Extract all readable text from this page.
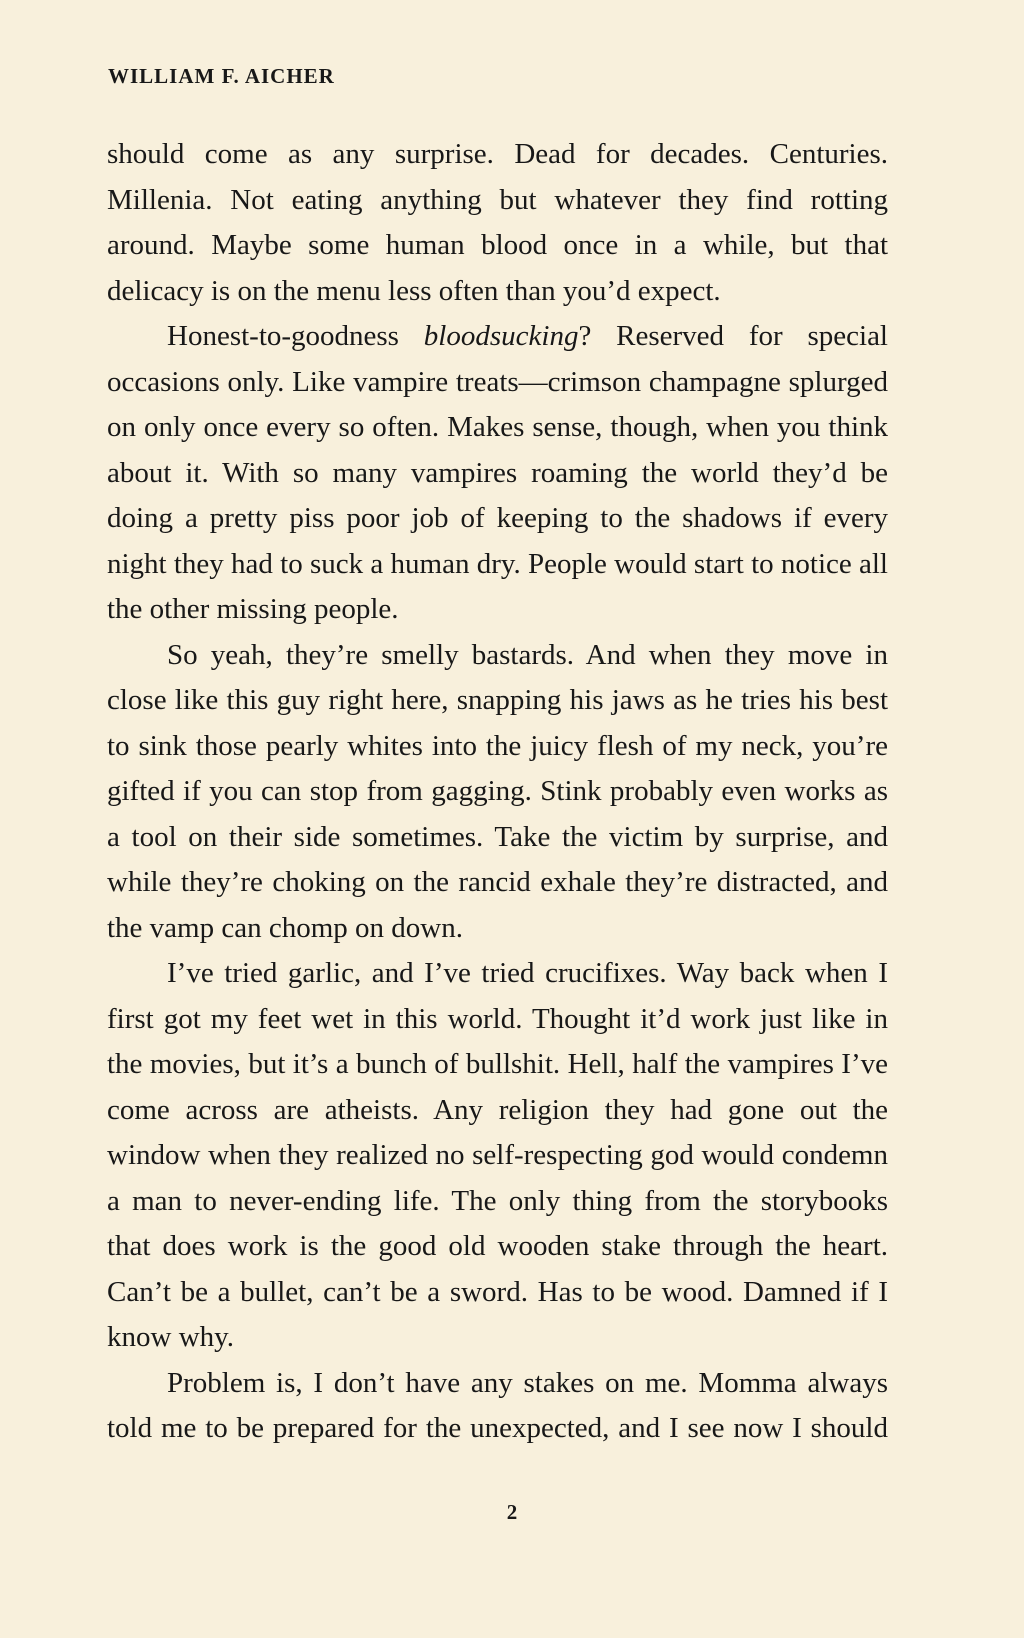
WILLIAM F. AICHER

should come as any surprise. Dead for decades. Centuries. Millenia. Not eating anything but whatever they find rotting around. Maybe some human blood once in a while, but that delicacy is on the menu less often than you’d expect.

Honest-to-goodness bloodsucking? Reserved for special occasions only. Like vampire treats—crimson champagne splurged on only once every so often. Makes sense, though, when you think about it. With so many vampires roaming the world they’d be doing a pretty piss poor job of keeping to the shadows if every night they had to suck a human dry. People would start to notice all the other missing people.

So yeah, they’re smelly bastards. And when they move in close like this guy right here, snapping his jaws as he tries his best to sink those pearly whites into the juicy flesh of my neck, you’re gifted if you can stop from gagging. Stink probably even works as a tool on their side sometimes. Take the victim by surprise, and while they’re choking on the rancid exhale they’re distracted, and the vamp can chomp on down.

I’ve tried garlic, and I’ve tried crucifixes. Way back when I first got my feet wet in this world. Thought it’d work just like in the movies, but it’s a bunch of bullshit. Hell, half the vampires I’ve come across are atheists. Any religion they had gone out the window when they realized no self-respecting god would condemn a man to never-ending life. The only thing from the storybooks that does work is the good old wooden stake through the heart. Can’t be a bullet, can’t be a sword. Has to be wood. Damned if I know why.

Problem is, I don’t have any stakes on me. Momma always told me to be prepared for the unexpected, and I see now I should

2
